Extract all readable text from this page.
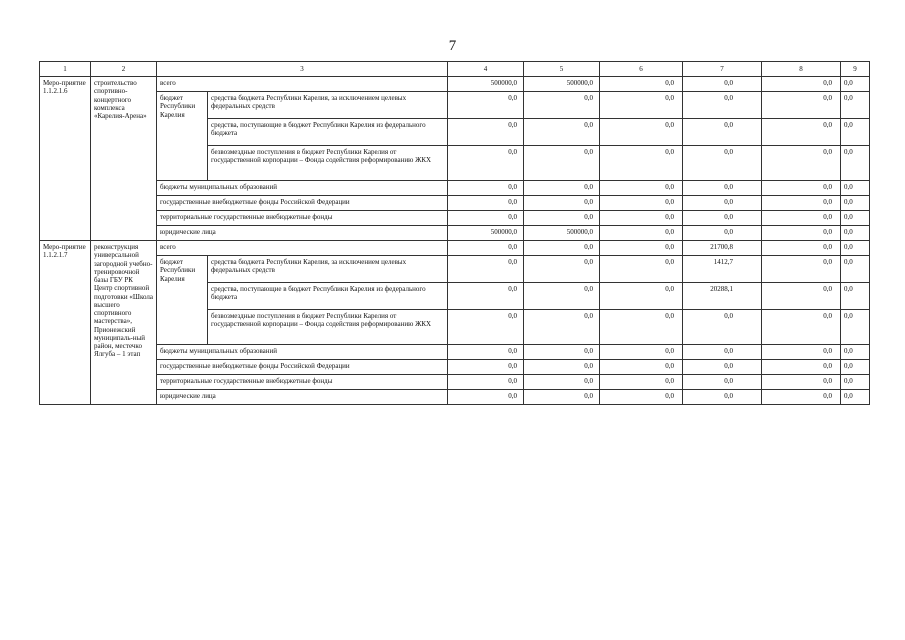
7
1	2	3		4	5	6	7	8	9
Меро-приятие 1.1.2.1.6	строительство спортивно-концертного комплекса «Карелия-Арена»	всего		500000,0	500000,0	0,0	0,0	0,0	0,0
		бюджет Республики Карелия	средства бюджета Республики Карелия, за исключением целевых федеральных средств	0,0	0,0	0,0	0,0	0,0	0,0
			средства, поступающие в бюджет Республики Карелия из федерального бюджета	0,0	0,0	0,0	0,0	0,0	0,0
			безвозмездные поступления в бюджет Республики Карелия от государственной корпорации – Фонда содействия реформированию ЖКХ	0,0	0,0	0,0	0,0	0,0	0,0
		бюджеты муниципальных образований		0,0	0,0	0,0	0,0	0,0	0,0
		государственные внебюджетные фонды Российской Федерации		0,0	0,0	0,0	0,0	0,0	0,0
		территориальные государственные внебюджетные фонды		0,0	0,0	0,0	0,0	0,0	0,0
		юридические лица		500000,0	500000,0	0,0	0,0	0,0	0,0
Меро-приятие 1.1.2.1.7	реконструкция универсальной загородной учебно-тренировочной базы ГБУ РК Центр спортивной подготовки «Школа высшего спортивного мастерства», Прионежский муниципаль-ный район, местечко Ялгуба – 1 этап	всего		0,0	0,0	0,0	21700,8	0,0	0,0
		бюджет Республики Карелия	средства бюджета Республики Карелия, за исключением целевых федеральных средств	0,0	0,0	0,0	1412,7	0,0	0,0
			средства, поступающие в бюджет Республики Карелия из федерального бюджета	0,0	0,0	0,0	20288,1	0,0	0,0
			безвозмездные поступления в бюджет Республики Карелия от государственной корпорации – Фонда содействия реформированию ЖКХ	0,0	0,0	0,0	0,0	0,0	0,0
		бюджеты муниципальных образований		0,0	0,0	0,0	0,0	0,0	0,0
		государственные внебюджетные фонды Российской Федерации		0,0	0,0	0,0	0,0	0,0	0,0
		территориальные государственные внебюджетные фонды		0,0	0,0	0,0	0,0	0,0	0,0
		юридические лица		0,0	0,0	0,0	0,0	0,0	0,0
